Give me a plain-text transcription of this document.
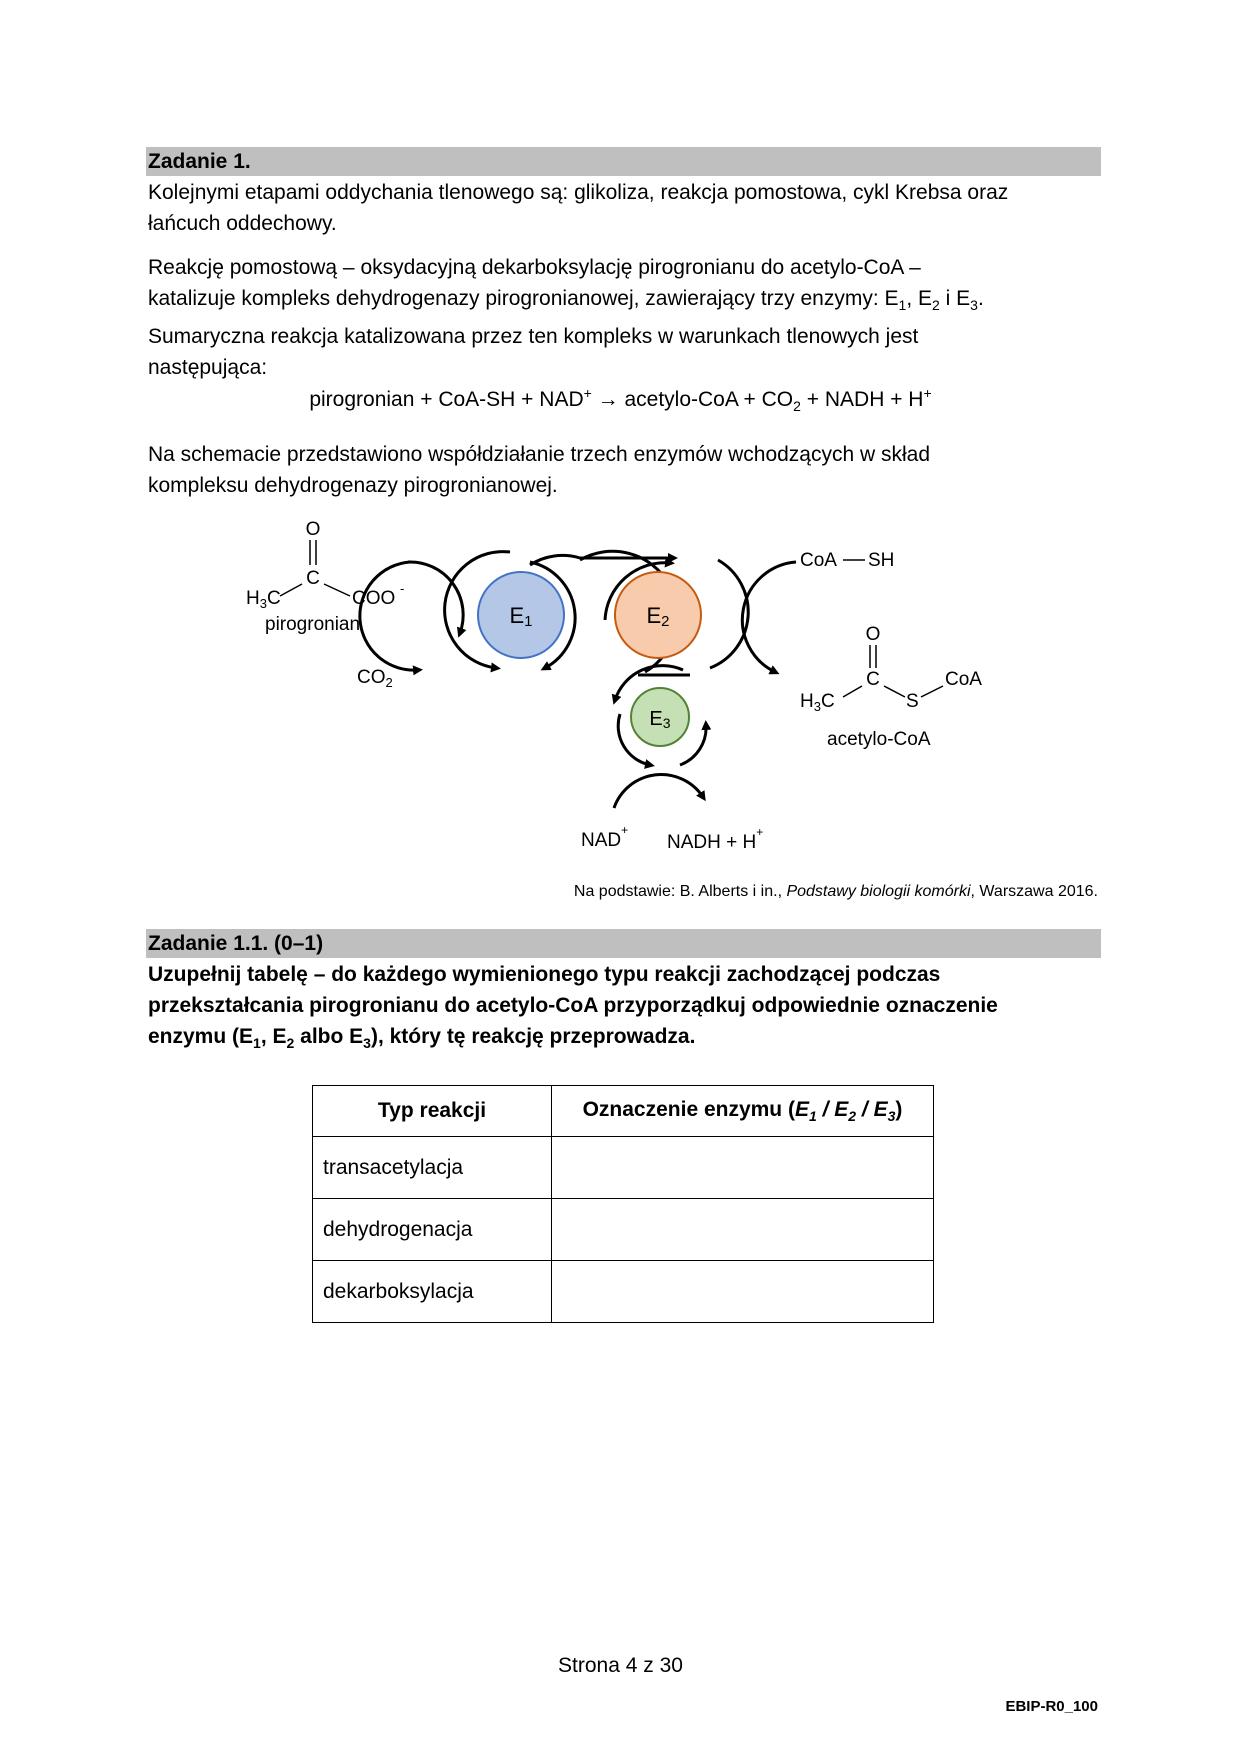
Zadanie 1.
Kolejnymi etapami oddychania tlenowego są: glikoliza, reakcja pomostowa, cykl Krebsa oraz
łańcuch oddechowy.
Reakcję pomostową – oksydacyjną dekarboksylację pirogronianu do acetylo-CoA –
katalizuje kompleks dehydrogenazy pirogronianowej, zawierający trzy enzymy: $E_1$, $E_2$ i $E_3$.
Sumaryczna reakcja katalizowana przez ten kompleks w warunkach tlenowych jest
następująca:
pirogronian + CoA-SH + NAD+ → acetylo-CoA + $CO_2$ + NADH + H+
Na schemacie przedstawiono współdziałanie trzech enzymów wchodzących w skład
kompleksu dehydrogenazy pirogronianowej.
O
C
$H_3C$	COO -
pirogronian
$CO_2$
E1	E2
E3
CoA SH
O
C
$H_3C$	S
CoA
acetylo-CoA
NAD+
NADH + H+
Na podstawie: B. Alberts i in., Podstawy biologii komórki, Warszawa 2016.
Zadanie 1.1. (0–1)
Uzupełnij tabelę – do każdego wymienionego typu reakcji zachodzącej podczas
przekształcania pirogronianu do acetylo-CoA przyporządkuj odpowiednie oznaczenie
enzymu ($E_1$, $E_2$ albo $E_3$), który tę reakcję przeprowadza.
Typ reakcji	Oznaczenie enzymu $(E_1 / E_2 / E_3)$
transacetylacja	
dehydrogenacja	
dekarboksylacja	
Strona 4 z 30
EBIP-R0_100
